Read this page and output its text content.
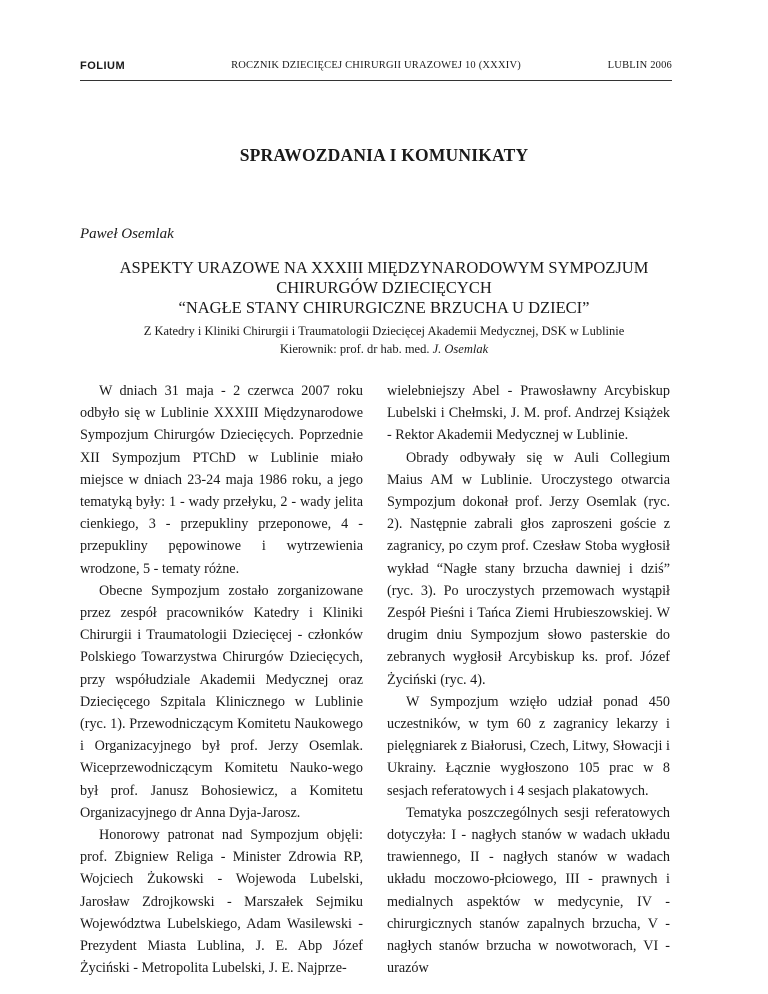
FOLIUM	ROCZNIK DZIECIĘCEJ CHIRURGII URAZOWEJ 10 (XXXIV)	LUBLIN 2006
SPRAWOZDANIA I KOMUNIKATY
Paweł Osemlak
ASPEKTY URAZOWE NA XXXIII MIĘDZYNARODOWYM SYMPOZJUM
CHIRURGÓW DZIECIĘCYCH
“NAGŁE STANY CHIRURGICZNE BRZUCHA U DZIECI”
Z Katedry i Kliniki Chirurgii i Traumatologii Dziecięcej Akademii Medycznej, DSK w Lublinie
Kierownik: prof. dr hab. med. J. Osemlak

W dniach 31 maja - 2 czerwca 2007 roku odbyło się w Lublinie XXXIII Międzynarodowe Sympozjum Chirurgów Dziecięcych. Poprzednie XII Sympozjum PTChD w Lublinie miało miejsce w dniach 23-24 maja 1986 roku, a jego tematyką były: 1 - wady przełyku, 2 - wady jelita cienkiego, 3 - przepukliny przeponowe, 4 - przepukliny pępowinowe i wytrzewienia wrodzone, 5 - tematy różne.

Obecne Sympozjum zostało zorganizowane przez zespół pracowników Katedry i Kliniki Chirurgii i Traumatologii Dziecięcej - członków Polskiego Towarzystwa Chirurgów Dziecięcych, przy współudziale Akademii Medycznej oraz Dziecięcego Szpitala Klinicznego w Lublinie (ryc. 1). Przewodniczącym Komitetu Naukowego i Organizacyjnego był prof. Jerzy Osemlak. Wiceprzewodniczącym Komitetu Nauko-wego był prof. Janusz Bohosiewicz, a Komitetu Organizacyjnego dr Anna Dyja-Jarosz.

Honorowy patronat nad Sympozjum objęli: prof. Zbigniew Religa - Minister Zdrowia RP, Wojciech Żukowski - Wojewoda Lubelski, Jarosław Zdrojkowski - Marszałek Sejmiku Województwa Lubelskiego, Adam Wasilewski - Prezydent Miasta Lublina, J. E. Abp Józef Życiński - Metropolita Lubelski, J. E. Najprze-

wielebniejszy Abel - Prawosławny Arcybiskup Lubelski i Chełmski, J. M. prof. Andrzej Książek - Rektor Akademii Medycznej w Lublinie.

Obrady odbywały się w Auli Collegium Maius AM w Lublinie. Uroczystego otwarcia Sympozjum dokonał prof. Jerzy Osemlak (ryc. 2). Następnie zabrali głos zaproszeni goście z zagranicy, po czym prof. Czesław Stoba wygłosił wykład “Nagłe stany brzucha dawniej i dziś” (ryc. 3). Po uroczystych przemowach wystąpił Zespół Pieśni i Tańca Ziemi Hrubieszowskiej. W drugim dniu Sympozjum słowo pasterskie do zebranych wygłosił Arcybiskup ks. prof. Józef Życiński (ryc. 4).

W Sympozjum wzięło udział ponad 450 uczestników, w tym 60 z zagranicy lekarzy i pielęgniarek z Białorusi, Czech, Litwy, Słowacji i Ukrainy. Łącznie wygłoszono 105 prac w 8 sesjach referatowych i 4 sesjach plakatowych.

Tematyka poszczególnych sesji referatowych dotyczyła: I - nagłych stanów w wadach układu trawiennego, II - nagłych stanów w wadach układu moczowo-płciowego, III - prawnych i medialnych aspektów w medycynie, IV - chirurgicznych stanów zapalnych brzucha, V - nagłych stanów brzucha w nowotworach, VI - urazów
